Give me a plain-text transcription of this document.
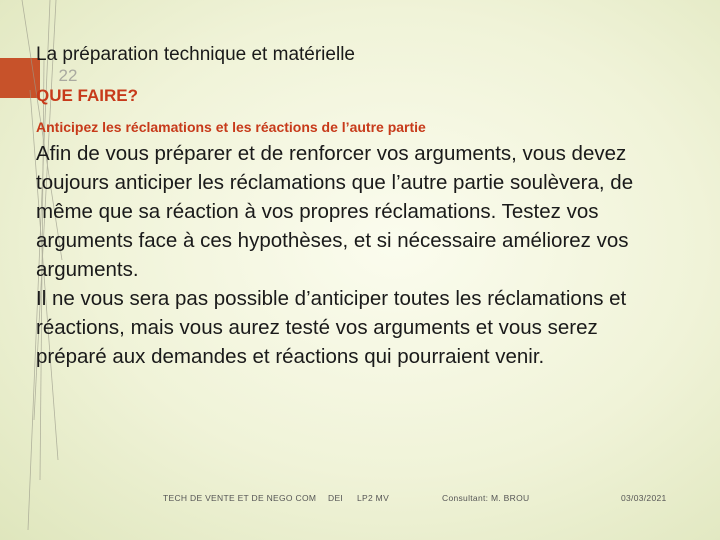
22
La préparation technique et matérielle
QUE FAIRE?
Anticipez les réclamations et les réactions de l’autre partie

Afin de vous préparer et de renforcer vos arguments, vous devez toujours anticiper les réclamations que l’autre partie soulèvera, de même que sa réaction à vos propres réclamations. Testez vos arguments face à ces hypothèses, et si nécessaire améliorez vos arguments.

Il ne vous sera pas possible d’anticiper toutes les réclamations et réactions, mais vous aurez testé vos arguments et vous serez préparé aux demandes et réactions qui pourraient venir.

TECH DE VENTE ET DE NEGO COM DEI LP2 MV	Consultant: M. BROU	03/03/2021
